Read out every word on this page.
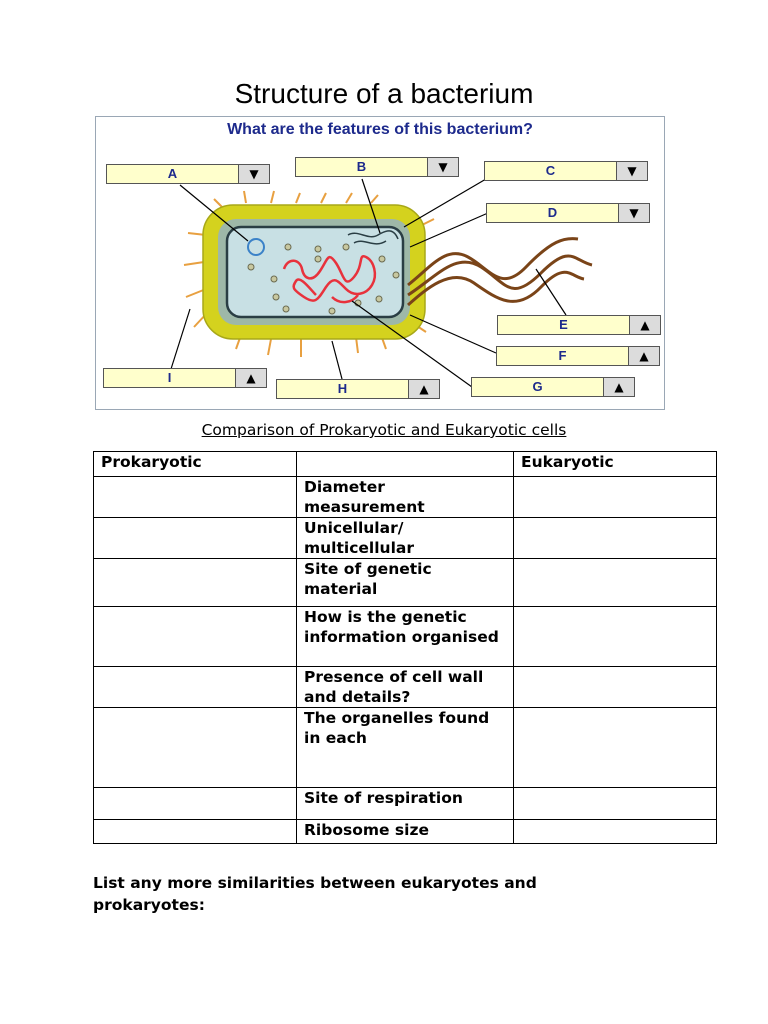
Structure of a bacterium
What are the features of this bacterium?
A	▼	B	▼	C	▼
D	▼
E	▲
F	▲
G	▲
H	▲
I	▲
Comparison of Prokaryotic and Eukaryotic cells
Prokaryotic		Eukaryotic
	Diameter measurement	
	Unicellular/ multicellular	
	Site of genetic material	
	How is the genetic information organised	
	Presence of cell wall and details?	
	The organelles found in each	
	Site of respiration	
	Ribosome size	
List any more similarities between eukaryotes and prokaryotes:
